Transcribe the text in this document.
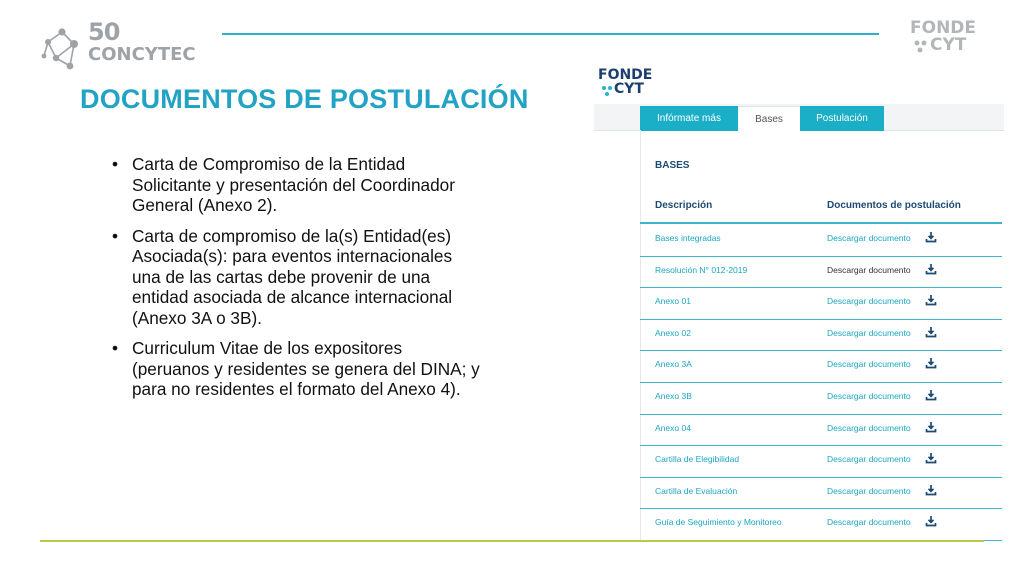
50
CONCYTEC
FONDE
CYT
DOCUMENTOS DE POSTULACIÓN
• Carta de Compromiso de la Entidad Solicitante y presentación del Coordinador General (Anexo 2).
• Carta de compromiso de la(s) Entidad(es) Asociada(s): para eventos internacionales una de las cartas debe provenir de una entidad asociada de alcance internacional (Anexo 3A o 3B).
• Curriculum Vitae de los expositores (peruanos y residentes se genera del DINA; y para no residentes el formato del Anexo 4).
FONDE
CYT
Infórmate más	Bases	Postulación
BASES
Descripción	Documentos de postulación
Bases integradas	Descargar documento
Resolución N° 012-2019	Descargar documento
Anexo 01	Descargar documento
Anexo 02	Descargar documento
Anexo 3A	Descargar documento
Anexo 3B	Descargar documento
Anexo 04	Descargar documento
Cartilla de Elegibilidad	Descargar documento
Cartilla de Evaluación	Descargar documento
Guía de Seguimiento y Monitoreo	Descargar documento
